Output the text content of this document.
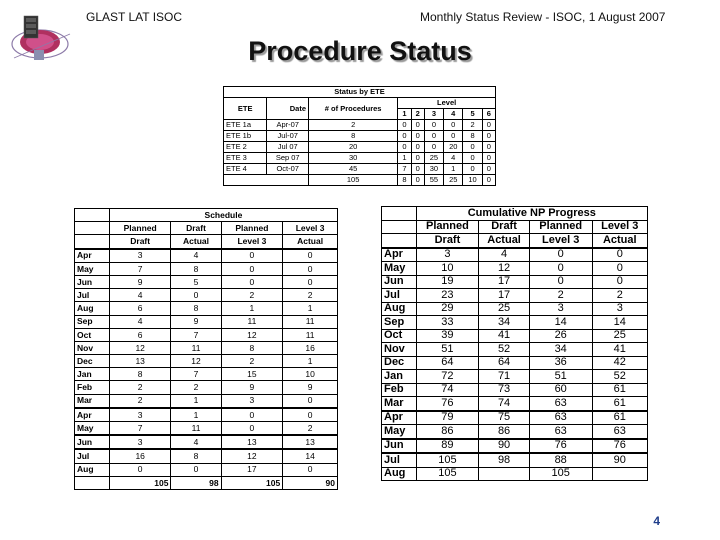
GLAST LAT ISOC	Monthly Status Review - ISOC, 1 August 2007
Procedure Status
Status by ETE								
ETE	Date	# of Procedures	Level					
			1	2	3	4	5	6
ETE 1a	Apr-07	2	0	0	0	0	2	0
ETE 1b	Jul-07	8	0	0	0	0	8	0
ETE 2	Jul 07	20	0	0	0	20	0	0
ETE 3	Sep 07	30	1	0	25	4	0	0
ETE 4	Oct-07	45	7	0	30	1	0	0
		105	8	0	55	25	10	0
	Schedule			
	Planned	Draft	Planned	Level 3
	Draft	Actual	Level 3	Actual
Apr	3	4	0	0
May	7	8	0	0
Jun	9	5	0	0
Jul	4	0	2	2
Aug	6	8	1	1
Sep	4	9	11	11
Oct	6	7	12	11
Nov	12	11	8	16
Dec	13	12	2	1
Jan	8	7	15	10
Feb	2	2	9	9
Mar	2	1	3	0
Apr	3	1	0	0
May	7	11	0	2
Jun	3	4	13	13
Jul	16	8	12	14
Aug	0	0	17	0
	105	98	105	90
	Cumulative NP Progress			
	Planned	Draft	Planned	Level 3
	Draft	Actual	Level 3	Actual
Apr	3	4	0	0
May	10	12	0	0
Jun	19	17	0	0
Jul	23	17	2	2
Aug	29	25	3	3
Sep	33	34	14	14
Oct	39	41	26	25
Nov	51	52	34	41
Dec	64	64	36	42
Jan	72	71	51	52
Feb	74	73	60	61
Mar	76	74	63	61
Apr	79	75	63	61
May	86	86	63	63
Jun	89	90	76	76
Jul	105	98	88	90
Aug	105		105	
4
